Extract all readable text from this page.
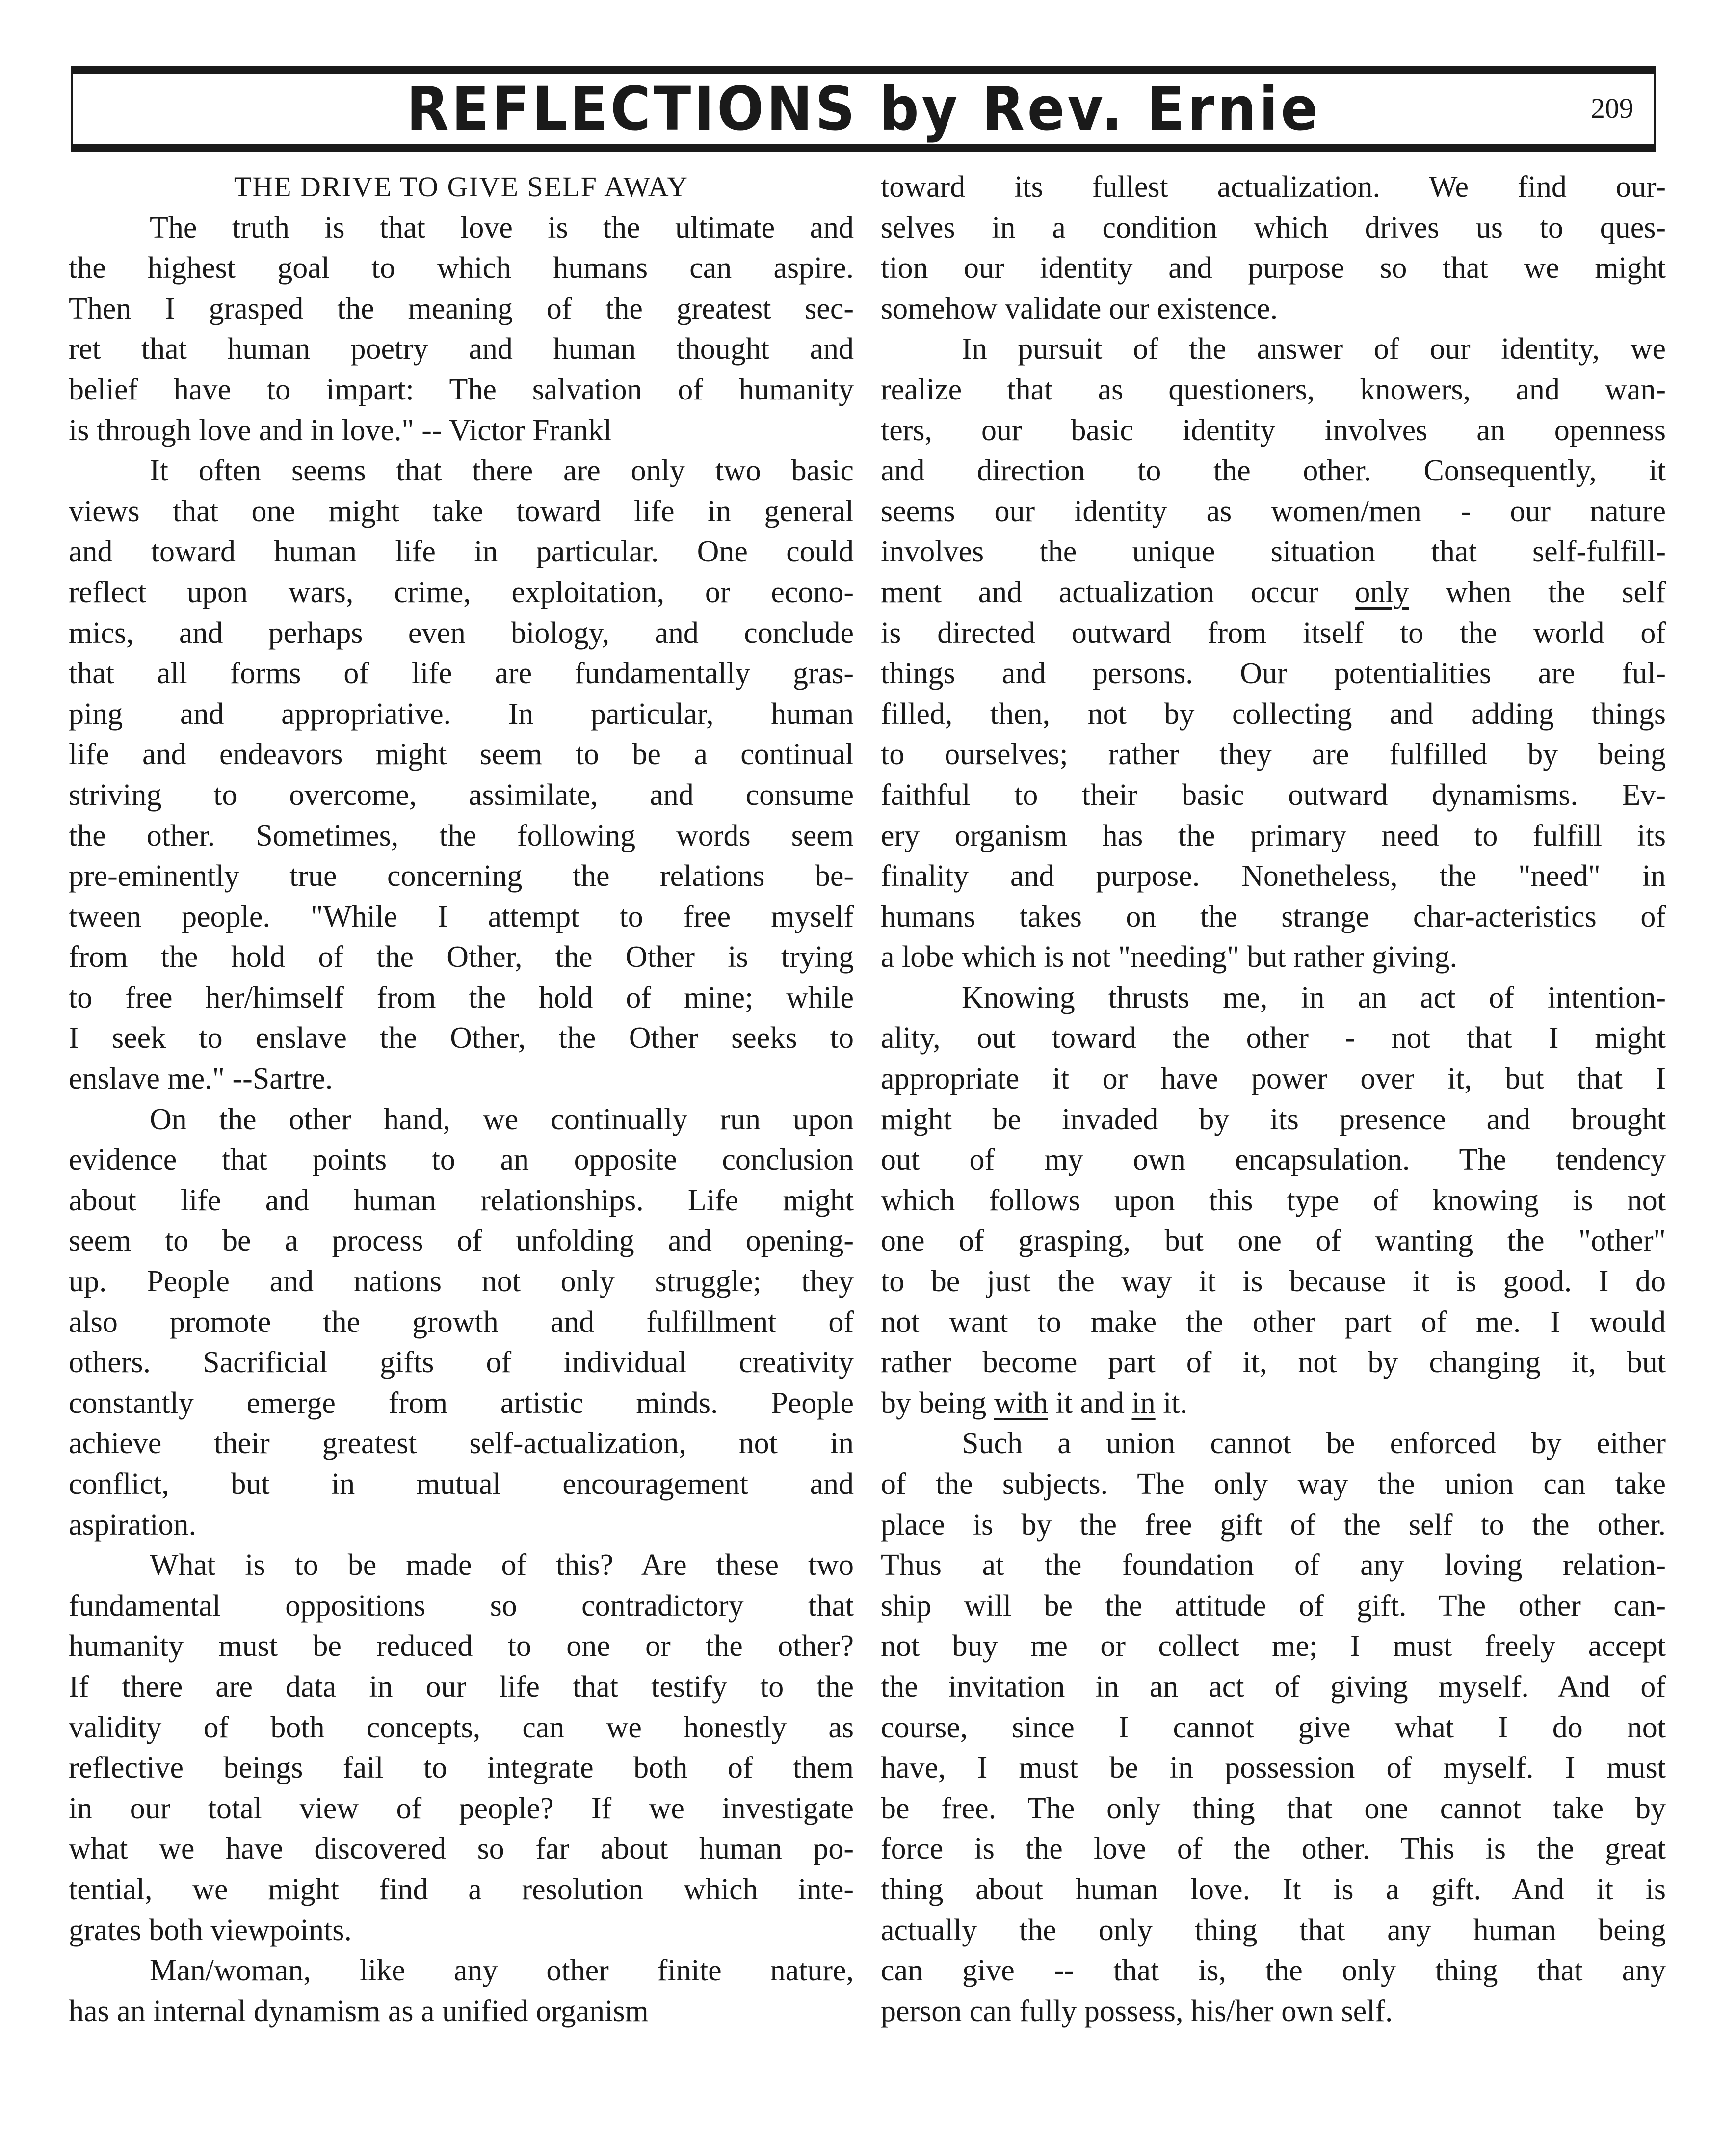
REFLECTIONS by Rev. Ernie	209
THE DRIVE TO GIVE SELF AWAY

The truth is that love is the ultimate and
the highest goal to which humans can aspire.
Then I grasped the meaning of the greatest sec-
ret that human poetry and human thought and
belief have to impart: The salvation of humanity
is through love and in love." -- Victor Frankl

It often seems that there are only two basic
views that one might take toward life in general
and toward human life in particular. One could
reflect upon wars, crime, exploitation, or econo-
mics, and perhaps even biology, and conclude
that all forms of life are fundamentally gras-
ping and appropriative. In particular, human
life and endeavors might seem to be a continual
striving to overcome, assimilate, and consume
the other. Sometimes, the following words seem
pre-eminently true concerning the relations be-
tween people. "While I attempt to free myself
from the hold of the Other, the Other is trying
to free her/himself from the hold of mine; while
I seek to enslave the Other, the Other seeks to
enslave me." --Sartre.

On the other hand, we continually run upon
evidence that points to an opposite conclusion
about life and human relationships. Life might
seem to be a process of unfolding and opening-
up. People and nations not only struggle; they
also promote the growth and fulfillment of
others. Sacrificial gifts of individual creativity
constantly emerge from artistic minds. People
achieve their greatest self-actualization, not in
conflict, but in mutual encouragement and
aspiration.

What is to be made of this? Are these two
fundamental oppositions so contradictory that
humanity must be reduced to one or the other?
If there are data in our life that testify to the
validity of both concepts, can we honestly as
reflective beings fail to integrate both of them
in our total view of people? If we investigate
what we have discovered so far about human po-
tential, we might find a resolution which inte-
grates both viewpoints.

Man/woman, like any other finite nature,
has an internal dynamism as a unified organism

toward its fullest actualization. We find our-
selves in a condition which drives us to ques-
tion our identity and purpose so that we might
somehow validate our existence.

In pursuit of the answer of our identity, we
realize that as questioners, knowers, and wan-
ters, our basic identity involves an openness
and direction to the other. Consequently, it
seems our identity as women/men - our nature
involves the unique situation that self-fulfill-
ment and actualization occur only when the self
is directed outward from itself to the world of
things and persons. Our potentialities are ful-
filled, then, not by collecting and adding things
to ourselves; rather they are fulfilled by being
faithful to their basic outward dynamisms. Ev-
ery organism has the primary need to fulfill its
finality and purpose. Nonetheless, the "need" in
humans takes on the strange char-acteristics of
a lobe which is not "needing" but rather giving.

Knowing thrusts me, in an act of intention-
ality, out toward the other - not that I might
appropriate it or have power over it, but that I
might be invaded by its presence and brought
out of my own encapsulation. The tendency
which follows upon this type of knowing is not
one of grasping, but one of wanting the "other"
to be just the way it is because it is good. I do
not want to make the other part of me. I would
rather become part of it, not by changing it, but
by being with it and in it.

Such a union cannot be enforced by either
of the subjects. The only way the union can take
place is by the free gift of the self to the other.
Thus at the foundation of any loving relation-
ship will be the attitude of gift. The other can-
not buy me or collect me; I must freely accept
the invitation in an act of giving myself. And of
course, since I cannot give what I do not
have, I must be in possession of myself. I must
be free. The only thing that one cannot take by
force is the love of the other. This is the great
thing about human love. It is a gift. And it is
actually the only thing that any human being
can give -- that is, the only thing that any
person can fully possess, his/her own self.
